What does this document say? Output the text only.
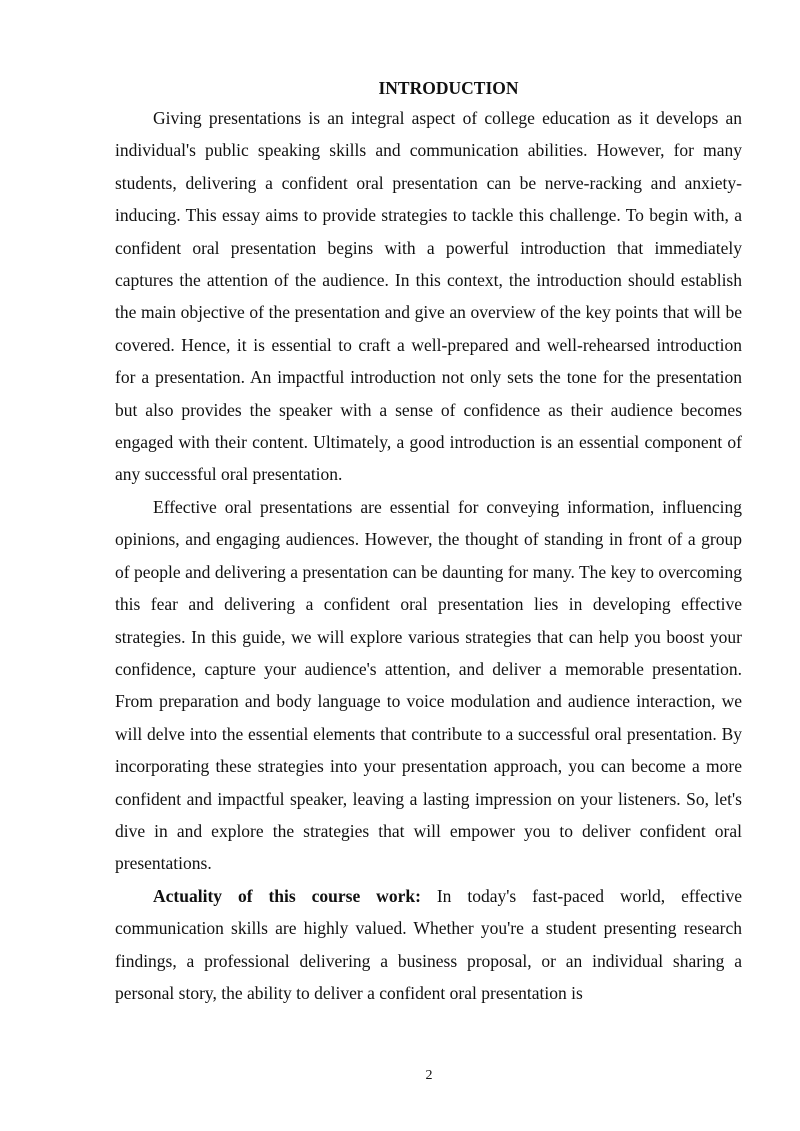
INTRODUCTION

Giving presentations is an integral aspect of college education as it develops an individual's public speaking skills and communication abilities. However, for many students, delivering a confident oral presentation can be nerve-racking and anxiety-inducing. This essay aims to provide strategies to tackle this challenge. To begin with, a confident oral presentation begins with a powerful introduction that immediately captures the attention of the audience. In this context, the introduction should establish the main objective of the presentation and give an overview of the key points that will be covered. Hence, it is essential to craft a well-prepared and well-rehearsed introduction for a presentation. An impactful introduction not only sets the tone for the presentation but also provides the speaker with a sense of confidence as their audience becomes engaged with their content. Ultimately, a good introduction is an essential component of any successful oral presentation.

Effective oral presentations are essential for conveying information, influencing opinions, and engaging audiences. However, the thought of standing in front of a group of people and delivering a presentation can be daunting for many. The key to overcoming this fear and delivering a confident oral presentation lies in developing effective strategies. In this guide, we will explore various strategies that can help you boost your confidence, capture your audience's attention, and deliver a memorable presentation. From preparation and body language to voice modulation and audience interaction, we will delve into the essential elements that contribute to a successful oral presentation. By incorporating these strategies into your presentation approach, you can become a more confident and impactful speaker, leaving a lasting impression on your listeners. So, let's dive in and explore the strategies that will empower you to deliver confident oral presentations.

Actuality of this course work: In today's fast-paced world, effective communication skills are highly valued. Whether you're a student presenting research findings, a professional delivering a business proposal, or an individual sharing a personal story, the ability to deliver a confident oral presentation is

2
